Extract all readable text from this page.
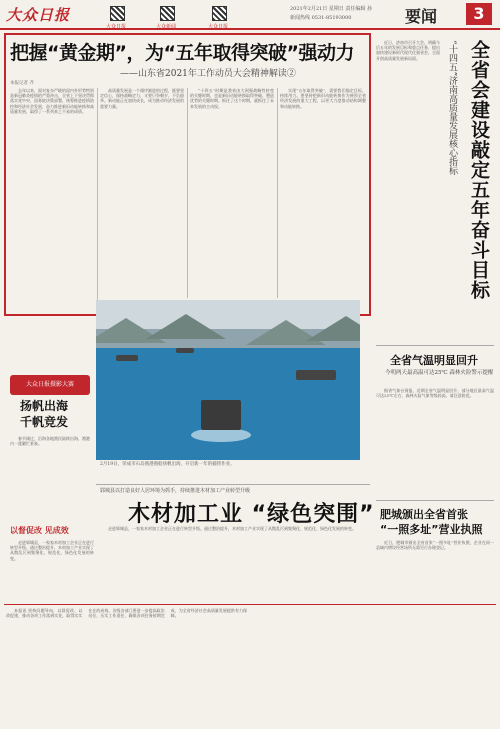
大众日报
大众日报	大众新闻	大众日报
2021年2月21日 星期日 责任编辑 孙
新闻热线 0531-85193000	要闻	3
把握“黄金期”，为“五年取得突破”强动力
——山东省2021年工作动员大会精神解读②
本报记者 齐

去年以来，面对复杂严峻的国内外形势特别是新冠肺炎疫情的严重冲击，全省上下坚决贯彻落实党中央、国务院决策部署，统筹推进疫情防控和经济社会发展，奋力推进新旧动能转换和高质量发展，取得了一系列来之不易的成绩。

高质量发展是一个循序渐进的过程，既要坚定信心，保持战略定力，又要只争朝夕，不负韶华。新动能正在加快成长，成为推动经济发展的重要力量。

“十四五”时期是我省由大到强战略性转变的关键时期，也是新旧动能转换取得突破、塑造优势的关键时期。抓住了这个时期，就抓住了未来发展的主动权。

实现“五年取得突破”，需要我们锚定目标，持续用力。要坚持把新旧动能转换作为统领全省经济发展的重大工程，以更大力度推动结构调整和动能转换。	全省会建设敲定五年奋斗目标
“十四五”济南高质量发展核心指标

近日，济南市召开大会，明确今后五年的发展目标和重点任务，提出加快建设新时代现代化强省会，全面开创高质量发展新局面。

2月19日，荣成市石岛渔港渔船扬帆出海，开启新一年的捕捞作业。
大众日报摄影大赛
扬帆出海 千帆竞发

春节刚过，沿海各地渔民陆续出海，渔港内一派繁忙景象。

郓城县以打造良好人居环境为抓手，持续推进木材加工产业转型升级
木材加工业 “绿色突围”
以督促改 见成效

走进郓城县，一家家木材加工企业正在进行转型升级。通过整治提升，木材加工产业实现了从散乱污到集聚化、规范化、绿色化发展的转变。

走进郓城县，一家家木材加工企业正在进行转型升级。通过整治提升，木材加工产业实现了从散乱污到集聚化、规范化、绿色化发展的转变。

全省气温明显回升
今明两天最高温可达25℃ 森林火险警示提醒

据省气象台预报，近期全省气温明显回升，部分地区最高气温可达25℃左右，森林火险气象等级较高，请注意防范。

肥城颁出全省首张
“一照多址”营业执照

近日，肥城市颁出全省首张“一照多址”营业执照，企业在同一县域内增设经营场所无需另行办理登记。

本报讯 坚持问题导向，以督促改、以改促建，推动各项工作落到实处，取得实实在在的成效。各级各部门要进一步提高政治站位，压实工作责任，确保各项任务按期完成，为全省经济社会高质量发展提供有力保障。
